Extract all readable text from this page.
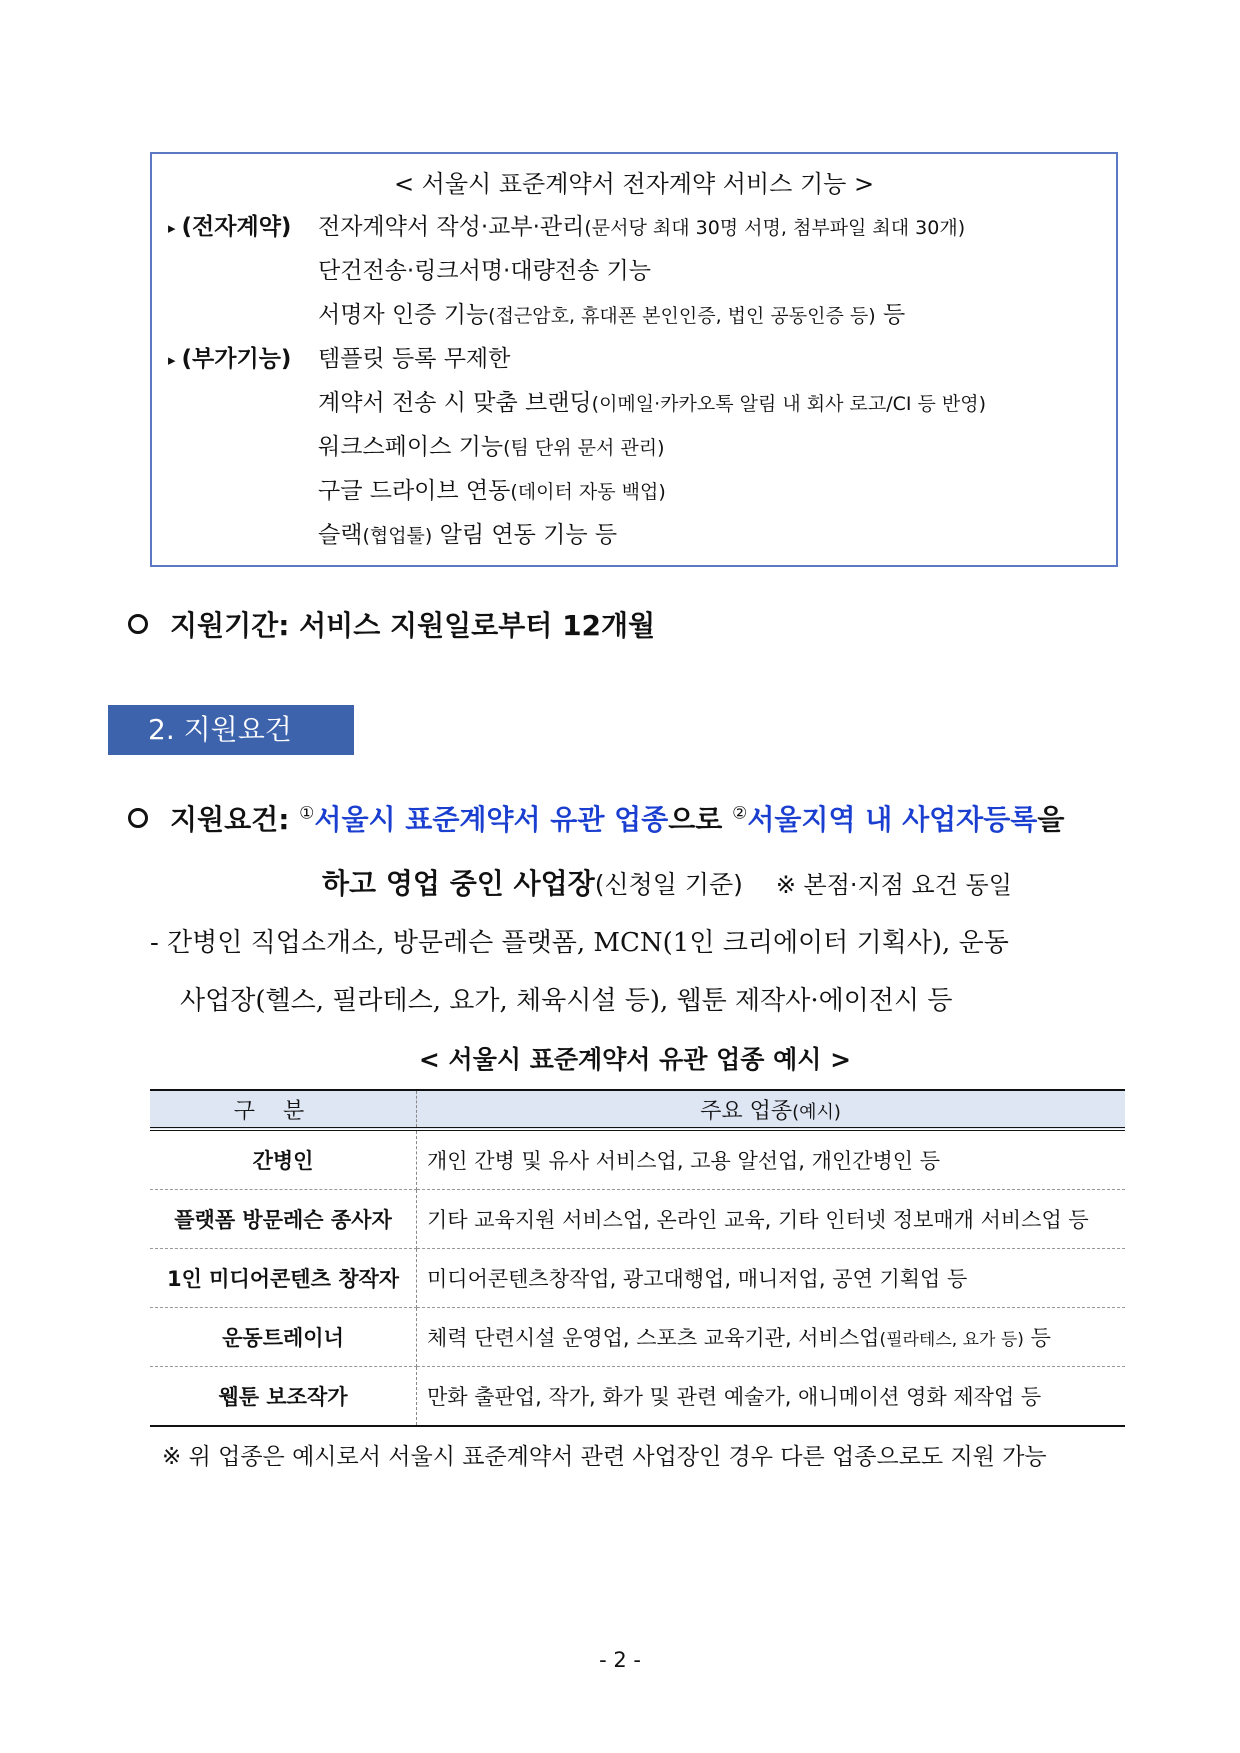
< 서울시 표준계약서 전자계약 서비스 기능 >
▸ (전자계약) 전자계약서 작성·교부·관리(문서당 최대 30명 서명, 첨부파일 최대 30개)
단건전송·링크서명·대량전송 기능
서명자 인증 기능(접근암호, 휴대폰 본인인증, 법인 공동인증 등) 등
▸ (부가기능) 템플릿 등록 무제한
계약서 전송 시 맞춤 브랜딩(이메일·카카오톡 알림 내 회사 로고/CI 등 반영)
워크스페이스 기능(팀 단위 문서 관리)
구글 드라이브 연동(데이터 자동 백업)
슬랙(협업툴) 알림 연동 기능 등
지원기간: 서비스 지원일로부터 12개월
2. 지원요건
지원요건: ①서울시 표준계약서 유관 업종으로 ②서울지역 내 사업자등록을
하고 영업 중인 사업장(신청일 기준) ※ 본점·지점 요건 동일
- 간병인 직업소개소, 방문레슨 플랫폼, MCN(1인 크리에이터 기획사), 운동
사업장(헬스, 필라테스, 요가, 체육시설 등), 웹툰 제작사·에이전시 등
< 서울시 표준계약서 유관 업종 예시 >
구분	주요 업종(예시)
간병인	개인 간병 및 유사 서비스업, 고용 알선업, 개인간병인 등
플랫폼 방문레슨 종사자	기타 교육지원 서비스업, 온라인 교육, 기타 인터넷 정보매개 서비스업 등
1인 미디어콘텐츠 창작자	미디어콘텐츠창작업, 광고대행업, 매니저업, 공연 기획업 등
운동트레이너	체력 단련시설 운영업, 스포츠 교육기관, 서비스업(필라테스, 요가 등) 등
웹툰 보조작가	만화 출판업, 작가, 화가 및 관련 예술가, 애니메이션 영화 제작업 등
※ 위 업종은 예시로서 서울시 표준계약서 관련 사업장인 경우 다른 업종으로도 지원 가능
- 2 -
